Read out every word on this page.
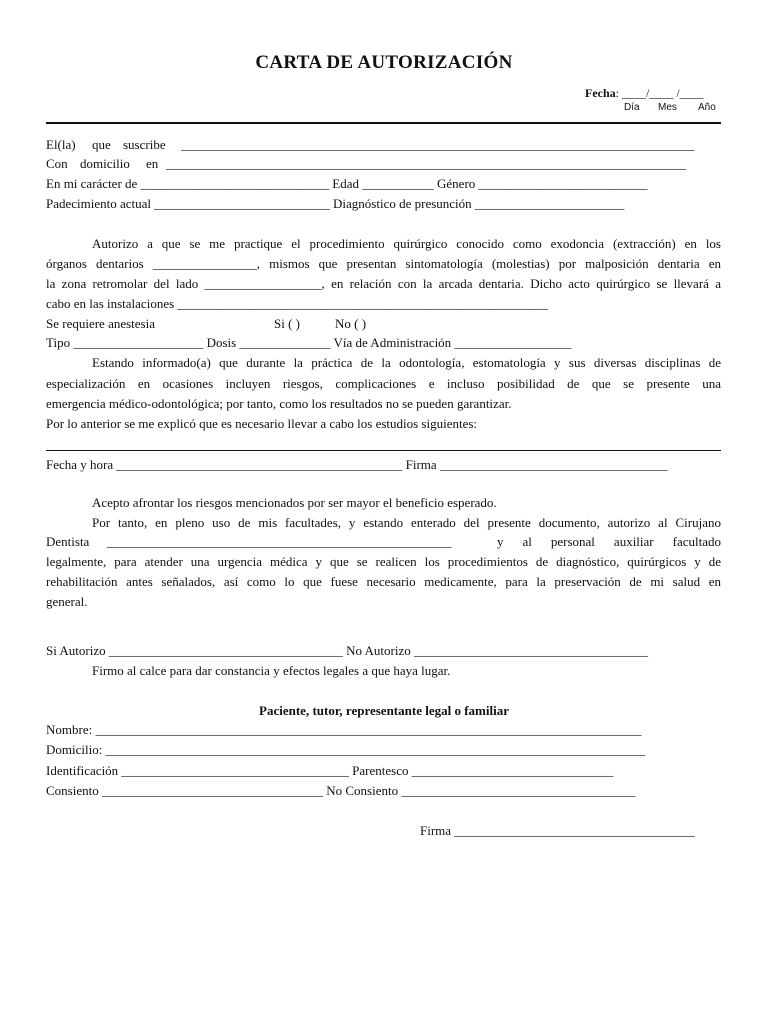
CARTA DE AUTORIZACIÓN
Fecha: ____/____ /____
Día Mes Año
El(la) que suscribe _______________________________________________________________________________
Con domicilio en ________________________________________________________________________________
En mi carácter de _____________________________ Edad ___________ Género __________________________
Padecimiento actual ___________________________ Diagnóstico de presunción _______________________
Autorizo a que se me practique el procedimiento quirúrgico conocido como exodoncia (extracción) en los
órganos dentarios ________________, mismos que presentan sintomatología (molestias) por malposición dentaria en
la zona retromolar del lado __________________, en relación con la arcada dentaria. Dicho acto quirúrgico se llevará a
cabo en las instalaciones _________________________________________________________
Se requiere anestesia	Si ( )	No ( )
Tipo ____________________ Dosis ______________ Vía de Administración __________________
Estando informado(a) que durante la práctica de la odontología, estomatología y sus diversas disciplinas de
especialización en ocasiones incluyen riesgos, complicaciones e incluso posibilidad de que se presente una
emergencia médico-odontológica; por tanto, como los resultados no se pueden garantizar.
Por lo anterior se me explicó que es necesario llevar a cabo los estudios siguientes:
Fecha y hora ____________________________________________ Firma ___________________________________
Acepto afrontar los riesgos mencionados por ser mayor el beneficio esperado.
Por tanto, en pleno uso de mis facultades, y estando enterado del presente documento, autorizo al Cirujano
Dentista _____________________________________________________	y al personal auxiliar facultado
legalmente, para atender una urgencia médica y que se realicen los procedimientos de diagnóstico, quirúrgicos y de
rehabilitación antes señalados, así como lo que fuese necesario medicamente, para la preservación de mi salud en
general.
Si Autorizo ____________________________________ No Autorizo ____________________________________
Firmo al calce para dar constancia y efectos legales a que haya lugar.
Paciente, tutor, representante legal o familiar
Nombre: ____________________________________________________________________________________
Domicilio: ___________________________________________________________________________________
Identificación ___________________________________ Parentesco _______________________________
Consiento __________________________________ No Consiento ____________________________________
Firma _____________________________________
